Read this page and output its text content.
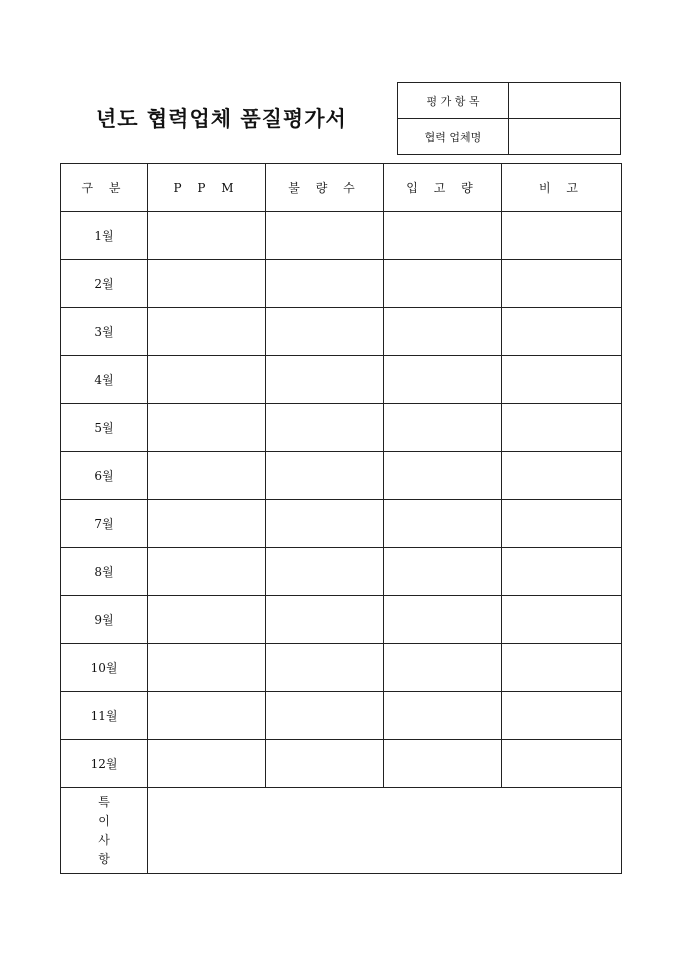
년도 협력업체 품질평가서
평 가 항 목	
협력 업체명	
구 분	P P M	불 량 수	입 고 량	비 고
1월				
2월				
3월				
4월				
5월				
6월				
7월				
8월				
9월				
10월				
11월				
12월				

특
이
사
항				
